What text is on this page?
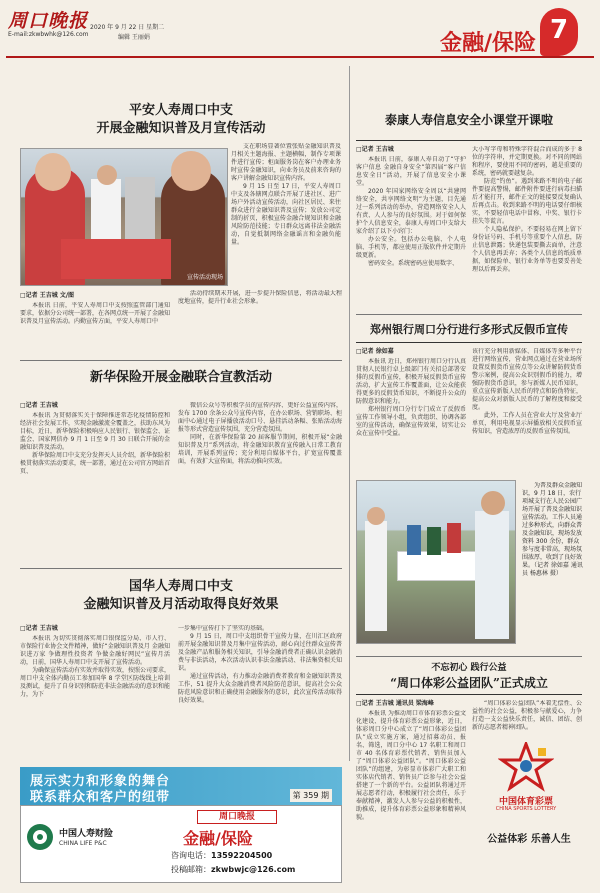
周口晚报
E-mail:zkwbwhk@126.com
2020 年 9 月 22 日 星期二
编辑 王丽娟	金融/保险 7
平安人寿周口中支
开展金融知识普及月宣传活动
宣传活动现场
支在职场显著位置张贴金融知识普及月相关主题海报、主题横幅，制作专项课件进行宣传；柜面服务岗在客户办理业务时宣传金融知识，向业务员及前来咨询的客户讲解金融知识宣传内容。
9 月 15 日至 17 日，平安人寿周口中支及各辖网点联合开展了进社区、进广场户外活动宣传活动，向社区居民、来往群众进行金融知识普及宣传；发放公司定制的折页，积极宣传金融合规知识和金融风险防范技能；专日群众远离非法金融活动，自觉抵制网络金融谣言和金融负能量。
□记者 王吉城 文/图
本报讯 日前，平安人寿周口中支按照监管部门通知要求，依据分公司统一部署，在各网点统一开展了金融知识普及月宣传活动。内勤宣传方面，平安人寿周口中
活动持续期末开展，进一步提升保险信息，将活动最大程度地宣传，提升行业社会形象。
新华保险开展金融联合宣教活动
□记者 王吉城
本报讯 为贯彻落实关于保障推进常态化疫情防控和经济社会发展工作，实现金融激流全覆盖之，扶助东风为目标，近日，新华保险积极响应人民银行、银保监会、证监会、国家网信办 9 月 1 日至 9 月 30 日联合开展的金融知识普及活动。
新华保险周口中支充分发挥天人员介绍，新华保险积极贯彻落实活动要求，统一部署，通过在公司官方网站首页、
微信公众号等积极学员的宣传内容、更好公益宣传内容，发布 1700 余条公众号宣传内容，在办公职场、营销职场、柜面中心通过电子屏播放活动口号、悬挂活动条幅、张贴活动海报等形式营造宣传氛围，充分营造氛围。
同时，在新华保险第 20 届客服节期间，积极开展“金融知识普及月”系列活动，将金融知识教育宣传融入日常工教育培训，开展系列宣传；充分利用自媒体平台，扩宽宣传覆盖面，有效扩大宣传面，将活动推向实效。
国华人寿周口中支
金融知识普及月活动取得良好效果
□记者 王吉城
本报讯 为切实贯彻落实周口银保监分局、市人行、市保险行业协会文件精神，做好“金融知识普及月 金融知识进万家 争做理性投资者 争做金融好网民”宣传月活动，日前，国华人寿周口中支开展了宣传活动。
为确保宣传活动有实效并取得实效，按照公司要求，周口中支全体内勤员工参加国华 8 学堂区防线线上培训及测试，提升了自身识别和防范非法金融活动的意识和能力，为下
一步集中宣传打下了坚实的基础。
9 月 15 日，周口中支组织骨干宣传力量，在川汇区政府前开展金融知识普及月集中宣传活动，耐心向过往群众宣传普及金融产品和服务相关知识，引导金融消费者正确认识金融消费与非法活动，本次活动认识非法金融活动、非法集资相关知识。
通过宣传活动，有力推动金融消费者教育和金融知识普及工作，51 提升大众金融消费者风险防范意识，提高社会公众防范风险意识和正确使用金融服务的意识，此次宣传活动取得良好效果。
泰康人寿信息安全小课堂开课啦
□记者 王吉城
本报讯 日前，泰康人寿自动了“守护客户信息 金融自身安全”第四届“客户信息安全日”活动，开展了信息安全小课堂。
2020 年国家网络安全周以“共建网络安全，共享网络文明”为主题，目先通过一系列活动的举办，营造网络安全人人有责、人人参与的良好氛围。对于如何保护个人信息安全，泰康人寿周口中支给大家介绍了以下小窍门：
办公安全。包括办公电脑、个人电脑、手机等，都应使用正版软件并定期升级更新。
密码安全。系统密码应使用数字、
大小写字母和特殊字符混合而成的多于 8 位的字符串，并定期更换。对不同的网站和程序，要使用不同的密码，越是重要的系统，密码就要越复杂。
防范“钓鱼”。遇到来路不明的电子邮件要提高警惕，邮件附件要进行病毒扫描后才能打开，邮件正文的链接要反复确认后再点击。收到来路不明的电话要仔细核实，不要轻信电话中冒称、中奖、银行卡挂失等谎言。
个人隐私保护。不要轻易在网上留下身份证号码、手机号等重要个人信息，防止信息泄露；快递包装要撕去面单，注意个人信息再丢弃；各类个人信息的纸质单据，如保险单、银行业务单等也要妥善处理以后再丢弃。
郑州银行周口分行进行多形式反假币宣传
□记者 徐如嘉
本报讯 近日，郑州银行周口分行认真贯彻人民银行卓上级部门有关招总部署安排的反假币宣传，积极开展反假货币宣传活动，扩大宣传工作覆盖面，让公众能获得更多的反假货币知识，不断提升公众的防假意识和能力。
郑州银行周口分行专门成立了反假币宣传工作领导小组，负责组织、协调各部室的宣传活动，确保宣传效果，切实让公众在宣传中受益。
该行充分利用新媒体、自媒体等多种平台进行网络宣传，营业网点通过在营业场所设置反假货币宣传点等公众讲解防假货币警示案例，提高公众识别假币的能力，增强防假货币意识，参与新媒人民币知识，重点宣传新版人民币的特点和防伪特征，提高公众对新版人民币的了解程度和接受度。
此外，工作人员在营业大厅及营业厅单页，利用电视显示屏播放相关反假币宣传知识，营造浓厚的反假币宣传氛围。
为普及群众金融知识，9 月 18 日，农行项城支行在人民公园广场开展了普及金融知识宣传活动。工作人员通过多种形式，向群众普及金融知识，现场发放资料 300 余份，群众参与度非常高，现场氛围浓厚，收到了良好效果。（记者 徐如嘉 通讯员 杨惠林 摄）
不忘初心 践行公益
“周口体彩公益团队”正式成立
□记者 王吉城 通讯员 梁海峰
本报讯 为推动周口市体育彩票公益文化建设、提升体育彩票公益形象，近日，体彩周口分中心成立了“周口体彩公益团队”成立实施方案，通过招募动员、报名、筛选，周口分中心 17 名职工和周口市 40 名体育彩票代销者、销售员加入了“周口体彩公益团队”。“周口体彩公益团队”的组建，为彰显市体彩广大职工和实体店代销者、销售员广泛参与社会公益搭建了一个新的平台。公益团队将通过开展志愿者行动，积极履行社会责任，乐于奉献精神，激发人人参与公益的积极性，助推成，提升体育彩票公益形象和精神风貌。
“周口体彩公益团队”本着无偿性、公益性的社会公益，积极参与献爱心，力争打造一支公益快乐责任，诚信、团结、创新的志愿者精神团队。
中国体育彩票
CHINA SPORTS LOTTERY
公益体彩 乐善人生
展示实力和形象的舞台
联系群众和客户的纽带	第 359 期
中国人寿财险
CHINA LIFE P&C
周口晚报
金融/保险
咨询电话：13592204500
投稿邮箱：zkwbwjc@126.com
